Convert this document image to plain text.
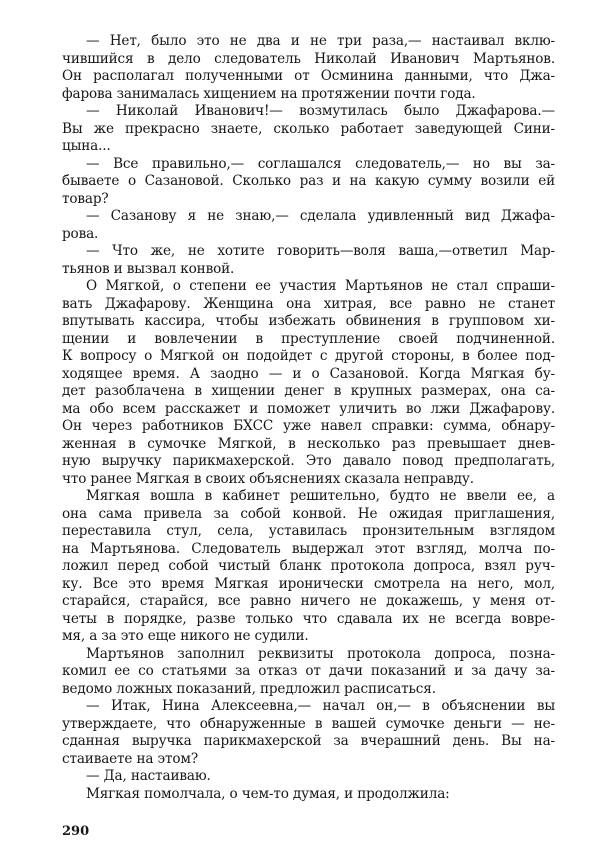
— Нет, было это не два и не три раза,— настаивал вклю-
чившийся в дело следователь Николай Иванович Мартьянов.
Он располагал полученными от Осминина данными, что Джа-
фарова занималась хищением на протяжении почти года.
— Николай Иванович!— возмутилась было Джафарова.—
Вы же прекрасно знаете, сколько работает заведующей Сини-
цына...
— Все правильно,— соглашался следователь,— но вы за-
бываете о Сазановой. Сколько раз и на какую сумму возили ей
товар?
— Сазанову я не знаю,— сделала удивленный вид Джафа-
рова.
— Что же, не хотите говорить—воля ваша,—ответил Мар-
тьянов и вызвал конвой.
О Мягкой, о степени ее участия Мартьянов не стал спраши-
вать Джафарову. Женщина она хитрая, все равно не станет
впутывать кассира, чтобы избежать обвинения в групповом хи-
щении и вовлечении в преступление своей подчиненной.
К вопросу о Мягкой он подойдет с другой стороны, в более под-
ходящее время. А заодно — и о Сазановой. Когда Мягкая бу-
дет разоблачена в хищении денег в крупных размерах, она са-
ма обо всем расскажет и поможет уличить во лжи Джафарову.
Он через работников БХСС уже навел справки: сумма, обнару-
женная в сумочке Мягкой, в несколько раз превышает днев-
ную выручку парикмахерской. Это давало повод предполагать,
что ранее Мягкая в своих объяснениях сказала неправду.
Мягкая вошла в кабинет решительно, будто не ввели ее, а
она сама привела за собой конвой. Не ожидая приглашения,
переставила стул, села, уставилась пронзительным взглядом
на Мартьянова. Следователь выдержал этот взгляд, молча по-
ложил перед собой чистый бланк протокола допроса, взял руч-
ку. Все это время Мягкая иронически смотрела на него, мол,
старайся, старайся, все равно ничего не докажешь, у меня от-
четы в порядке, разве только что сдавала их не всегда вовре-
мя, а за это еще никого не судили.
Мартьянов заполнил реквизиты протокола допроса, позна-
комил ее со статьями за отказ от дачи показаний и за дачу за-
ведомо ложных показаний, предложил расписаться.
— Итак, Нина Алексеевна,— начал он,— в объяснении вы
утверждаете, что обнаруженные в вашей сумочке деньги — не-
сданная выручка парикмахерской за вчерашний день. Вы на-
стаиваете на этом?
— Да, настаиваю.
Мягкая помолчала, о чем-то думая, и продолжила:
290
